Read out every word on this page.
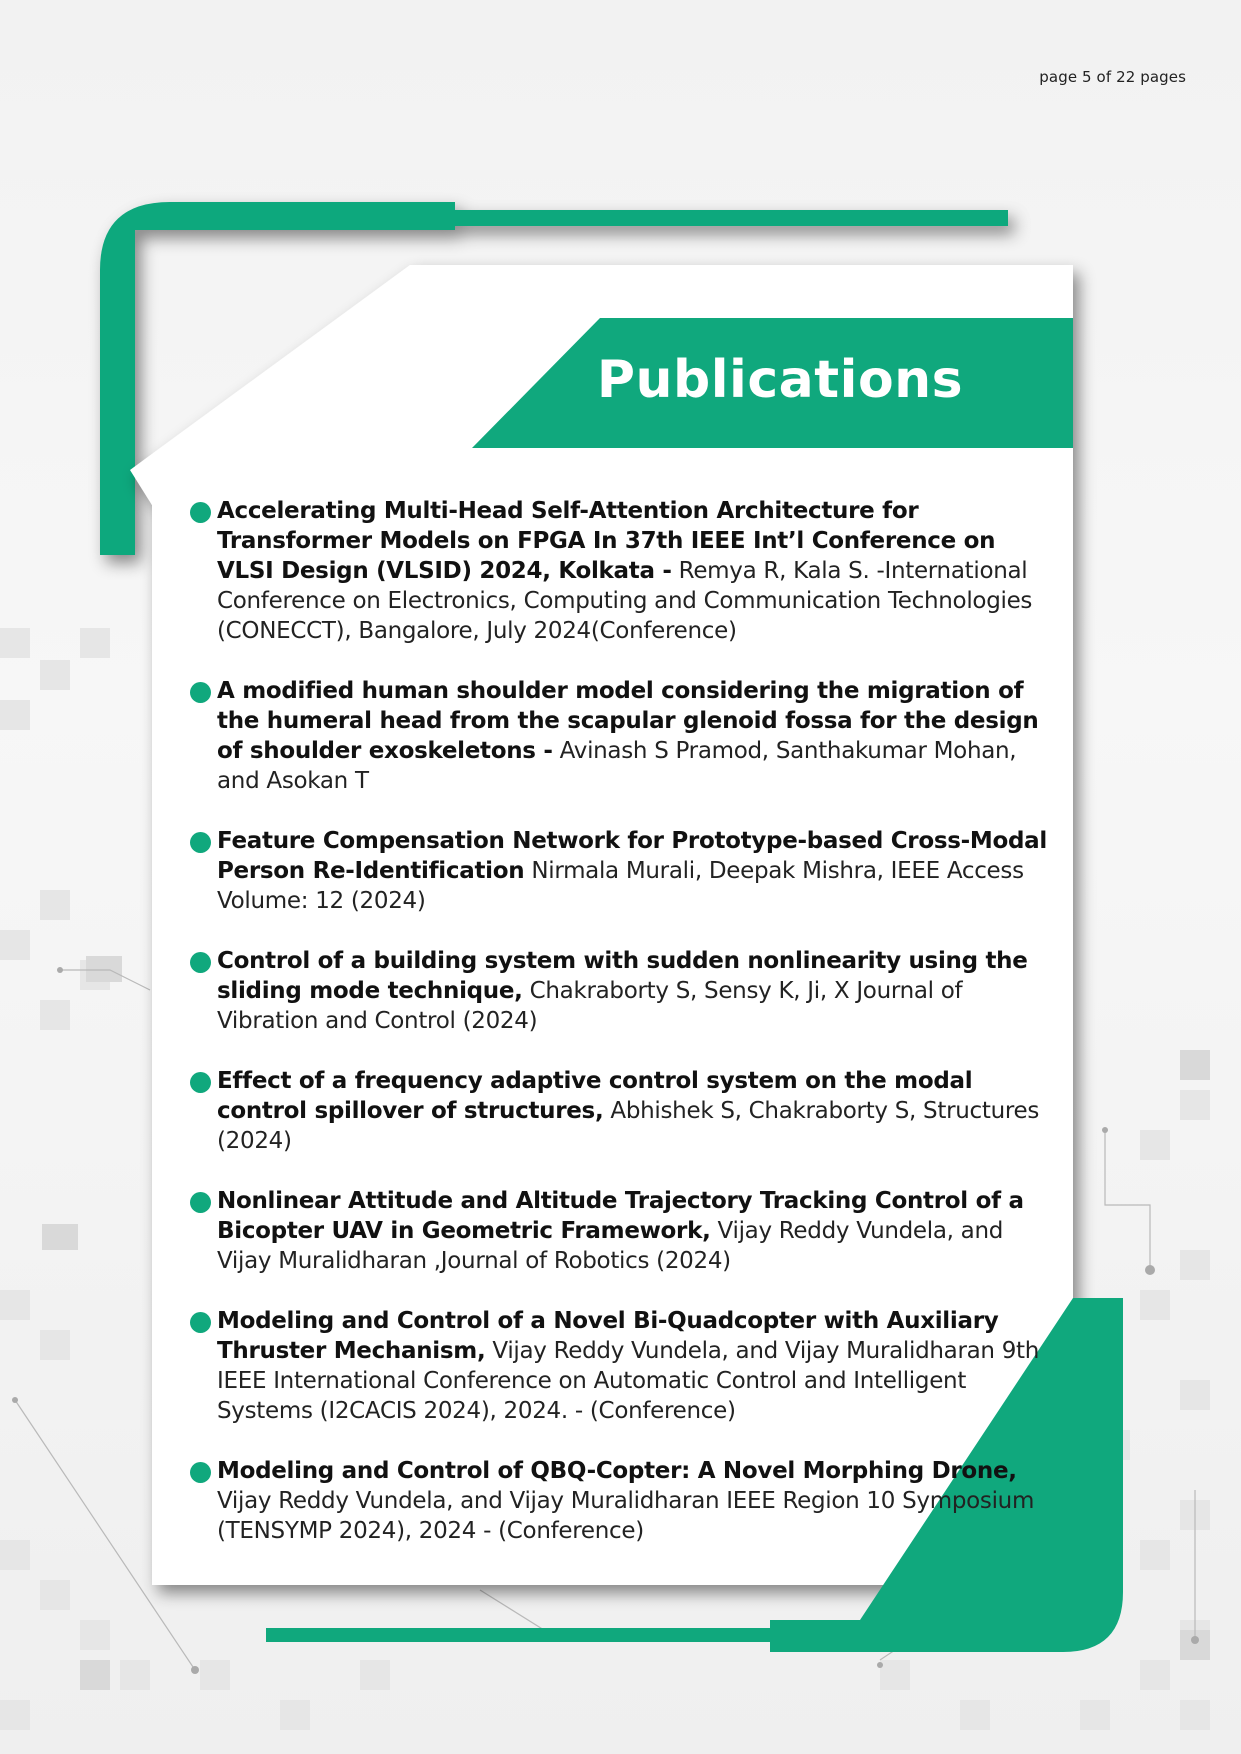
page 5 of 22 pages
Publications
Accelerating Multi-Head Self-Attention Architecture for Transformer Models on FPGA In 37th IEEE Int’l Conference on VLSI Design (VLSID) 2024, Kolkata - Remya R, Kala S. -International Conference on Electronics, Computing and Communication Technologies (CONECCT), Bangalore, July 2024(Conference)
A modified human shoulder model considering the migration of the humeral head from the scapular glenoid fossa for the design of shoulder exoskeletons - Avinash S Pramod, Santhakumar Mohan, and Asokan T
Feature Compensation Network for Prototype-based Cross-Modal Person Re-Identification Nirmala Murali, Deepak Mishra, IEEE Access Volume: 12 (2024)
Control of a building system with sudden nonlinearity using the sliding mode technique, Chakraborty S, Sensy K, Ji, X Journal of Vibration and Control (2024)
Effect of a frequency adaptive control system on the modal control spillover of structures, Abhishek S, Chakraborty S, Structures (2024)
Nonlinear Attitude and Altitude Trajectory Tracking Control of a Bicopter UAV in Geometric Framework, Vijay Reddy Vundela, and Vijay Muralidharan ,Journal of Robotics (2024)
Modeling and Control of a Novel Bi-Quadcopter with Auxiliary Thruster Mechanism, Vijay Reddy Vundela, and Vijay Muralidharan 9th IEEE International Conference on Automatic Control and Intelligent Systems (I2CACIS 2024), 2024. - (Conference)
Modeling and Control of QBQ-Copter: A Novel Morphing Drone, Vijay Reddy Vundela, and Vijay Muralidharan IEEE Region 10 Symposium (TENSYMP 2024), 2024 - (Conference)
